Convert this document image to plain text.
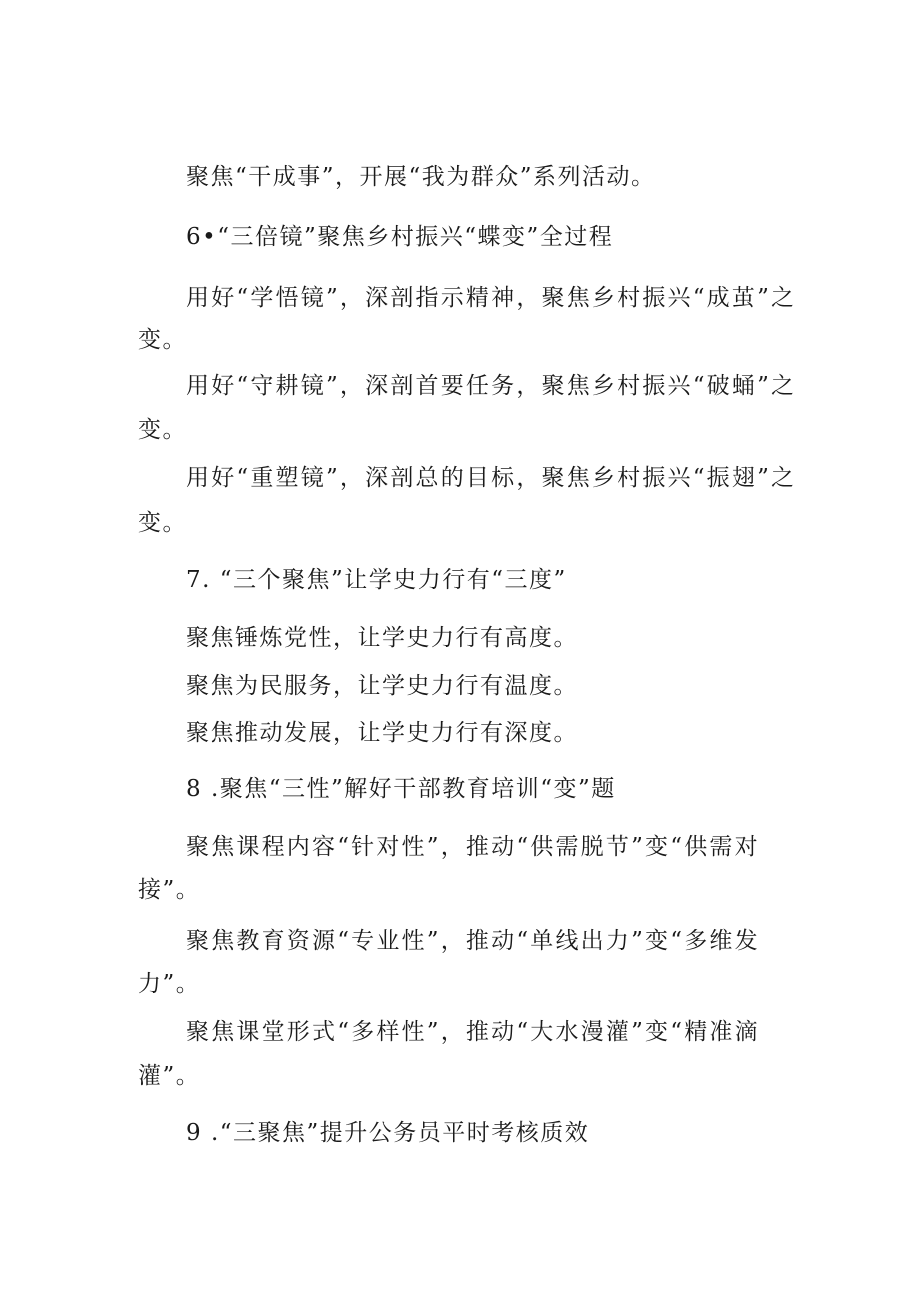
聚焦“干成事”，开展“我为群众”系列活动。
6•“三倍镜”聚焦乡村振兴“蝶变”全过程
用好“学悟镜”，深剖指示精神，聚焦乡村振兴“成茧”之
变。
用好“守耕镜”，深剖首要任务，聚焦乡村振兴“破蛹”之
变。
用好“重塑镜”，深剖总的目标，聚焦乡村振兴“振翅”之
变。
7. “三个聚焦”让学史力行有“三度”
聚焦锤炼党性，让学史力行有高度。
聚焦为民服务，让学史力行有温度。
聚焦推动发展，让学史力行有深度。
8 .聚焦“三性”解好干部教育培训“变”题
聚焦课程内容“针对性”，推动“供需脱节”变“供需对
接”。
聚焦教育资源“专业性”，推动“单线出力”变“多维发
力”。
聚焦课堂形式“多样性”，推动“大水漫灌”变“精准滴
灌”。
9 .“三聚焦”提升公务员平时考核质效
